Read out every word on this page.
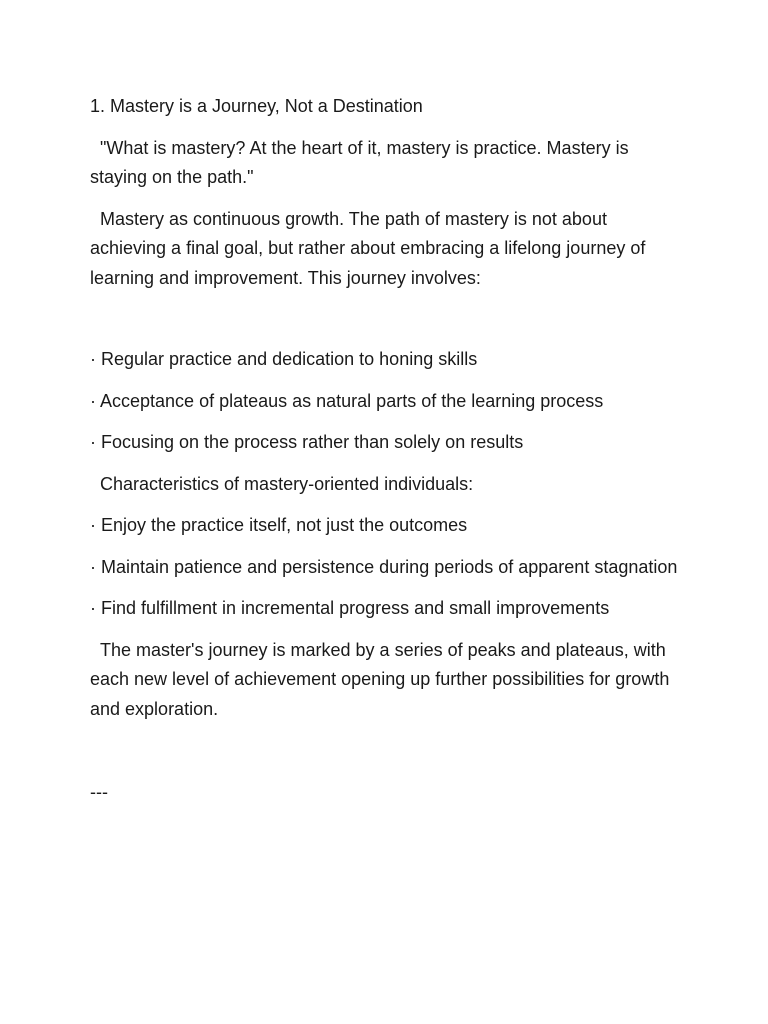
1. Mastery is a Journey, Not a Destination

"What is mastery? At the heart of it, mastery is practice. Mastery is staying on the path."

Mastery as continuous growth. The path of mastery is not about achieving a final goal, but rather about embracing a lifelong journey of learning and improvement. This journey involves:

· Regular practice and dedication to honing skills

· Acceptance of plateaus as natural parts of the learning process

· Focusing on the process rather than solely on results

Characteristics of mastery-oriented individuals:

· Enjoy the practice itself, not just the outcomes

· Maintain patience and persistence during periods of apparent stagnation

· Find fulfillment in incremental progress and small improvements

The master's journey is marked by a series of peaks and plateaus, with each new level of achievement opening up further possibilities for growth and exploration.

---
